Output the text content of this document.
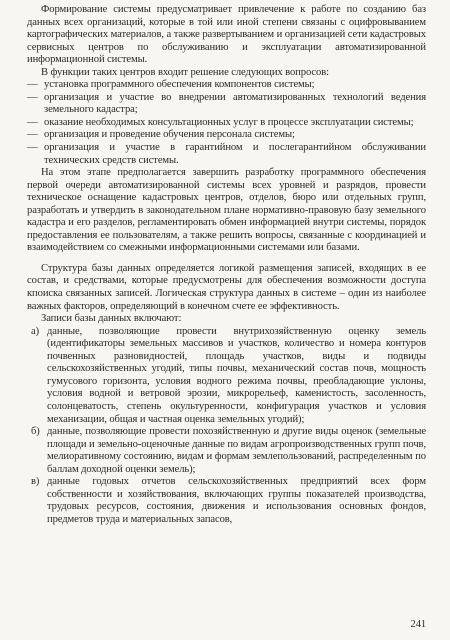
Формирование системы предусматривает привлечение к работе по созданию баз данных всех организаций, которые в той или иной степени связаны с оцифровыванием картографических материалов, а также развертыванием и организацией сети кадастровых сервисных центров по обслуживанию и эксплуатации автоматизированной информационной системы.

В функции таких центров входит решение следующих вопросов:

— установка программного обеспечения компонентов системы;
— организация и участие во внедрении автоматизированных технологий ведения земельного кадастра;
— оказание необходимых консультационных услуг в процессе эксплуатации системы;
— организация и проведение обучения персонала системы;
— организация и участие в гарантийном и послегарантийном обслуживании технических средств системы.

На этом этапе предполагается завершить разработку программного обеспечения первой очереди автоматизированной системы всех уровней и разрядов, провести техническое оснащение кадастровых центров, отделов, бюро или отдельных групп, разработать и утвердить в законодательном плане нормативно-правовую базу земельного кадастра и его разделов, регламентировать обмен информацией внутри системы, порядок предоставления ее пользователям, а также решить вопросы, связанные с координацией и взаимодействием со смежными информационными системами или базами.

Структура базы данных определяется логикой размещения записей, входящих в ее состав, и средствами, которые предусмотрены для обеспечения возможности доступа кпоиска связанных записей. Логическая структура данных в системе – один из наиболее важных факторов, определяющий в конечном счете ее эффективность.

Записи базы данных включают:

а) данные, позволяющие провести внутрихозяйственную оценку земель (идентификаторы земельных массивов и участков, количество и номера контуров почвенных разновидностей, площадь участков, виды и подвиды сельскохозяйственных угодий, типы почвы, механический состав почв, мощность гумусового горизонта, условия водного режима почвы, преобладающие уклоны, условия водной и ветровой эрозии, микрорельеф, каменистость, засоленность, солонцеватость, степень окультуренности, конфигурация участков и условия механизации, общая и частная оценка земельных угодий);
б) данные, позволяющие провести похозяйственную и другие виды оценок (земельные площади и земельно-оценочные данные по видам агропроизводственных групп почв, мелиоративному состоянию, видам и формам землепользований, распределенным по баллам доходной оценки земель);
в) данные годовых отчетов сельскохозяйственных предприятий всех форм собственности и хозяйствования, включающих группы показателей производства, трудовых ресурсов, состояния, движения и использования основных фондов, предметов труда и материальных запасов,
241
